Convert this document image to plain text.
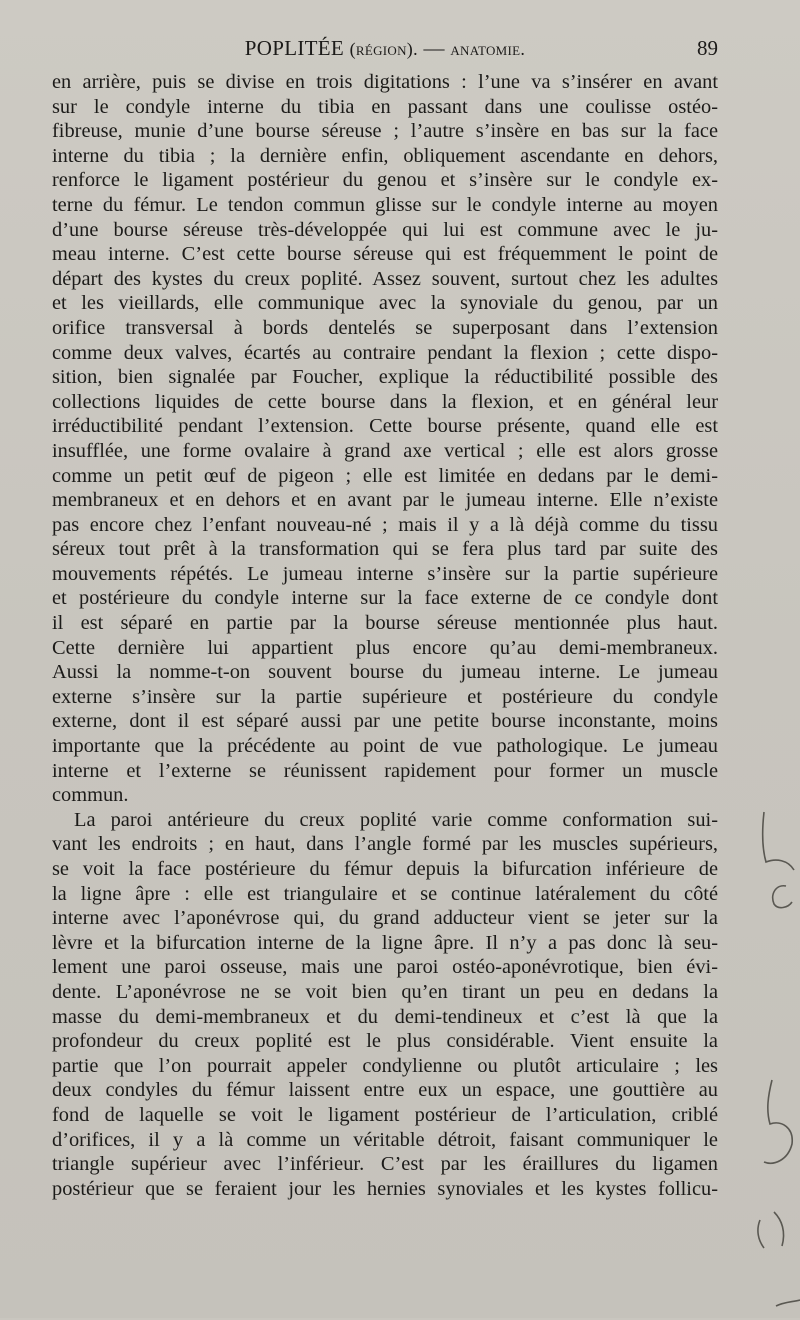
POPLITÉE (région). — anatomie.	89
en arrière, puis se divise en trois digitations : l’une va s’insérer en avant
sur le condyle interne du tibia en passant dans une coulisse ostéo-
fibreuse, munie d’une bourse séreuse ; l’autre s’insère en bas sur la face
interne du tibia ; la dernière enfin, obliquement ascendante en dehors,
renforce le ligament postérieur du genou et s’insère sur le condyle ex-
terne du fémur. Le tendon commun glisse sur le condyle interne au moyen
d’une bourse séreuse très-développée qui lui est commune avec le ju-
meau interne. C’est cette bourse séreuse qui est fréquemment le point de
départ des kystes du creux poplité. Assez souvent, surtout chez les adultes
et les vieillards, elle communique avec la synoviale du genou, par un
orifice transversal à bords dentelés se superposant dans l’extension
comme deux valves, écartés au contraire pendant la flexion ; cette dispo-
sition, bien signalée par Foucher, explique la réductibilité possible des
collections liquides de cette bourse dans la flexion, et en général leur
irréductibilité pendant l’extension. Cette bourse présente, quand elle est
insufflée, une forme ovalaire à grand axe vertical ; elle est alors grosse
comme un petit œuf de pigeon ; elle est limitée en dedans par le demi-
membraneux et en dehors et en avant par le jumeau interne. Elle n’existe
pas encore chez l’enfant nouveau-né ; mais il y a là déjà comme du tissu
séreux tout prêt à la transformation qui se fera plus tard par suite des
mouvements répétés. Le jumeau interne s’insère sur la partie supérieure
et postérieure du condyle interne sur la face externe de ce condyle dont
il est séparé en partie par la bourse séreuse mentionnée plus haut.
Cette dernière lui appartient plus encore qu’au demi-membraneux.
Aussi la nomme-t-on souvent bourse du jumeau interne. Le jumeau
externe s’insère sur la partie supérieure et postérieure du condyle
externe, dont il est séparé aussi par une petite bourse inconstante, moins
importante que la précédente au point de vue pathologique. Le jumeau
interne et l’externe se réunissent rapidement pour former un muscle
commun.
La paroi antérieure du creux poplité varie comme conformation sui-
vant les endroits ; en haut, dans l’angle formé par les muscles supérieurs,
se voit la face postérieure du fémur depuis la bifurcation inférieure de
la ligne âpre : elle est triangulaire et se continue latéralement du côté
interne avec l’aponévrose qui, du grand adducteur vient se jeter sur la
lèvre et la bifurcation interne de la ligne âpre. Il n’y a pas donc là seu-
lement une paroi osseuse, mais une paroi ostéo-aponévrotique, bien évi-
dente. L’aponévrose ne se voit bien qu’en tirant un peu en dedans la
masse du demi-membraneux et du demi-tendineux et c’est là que la
profondeur du creux poplité est le plus considérable. Vient ensuite la
partie que l’on pourrait appeler condylienne ou plutôt articulaire ; les
deux condyles du fémur laissent entre eux un espace, une gouttière au
fond de laquelle se voit le ligament postérieur de l’articulation, criblé
d’orifices, il y a là comme un véritable détroit, faisant communiquer le
triangle supérieur avec l’inférieur. C’est par les éraillures du ligamen
postérieur que se feraient jour les hernies synoviales et les kystes follicu-
